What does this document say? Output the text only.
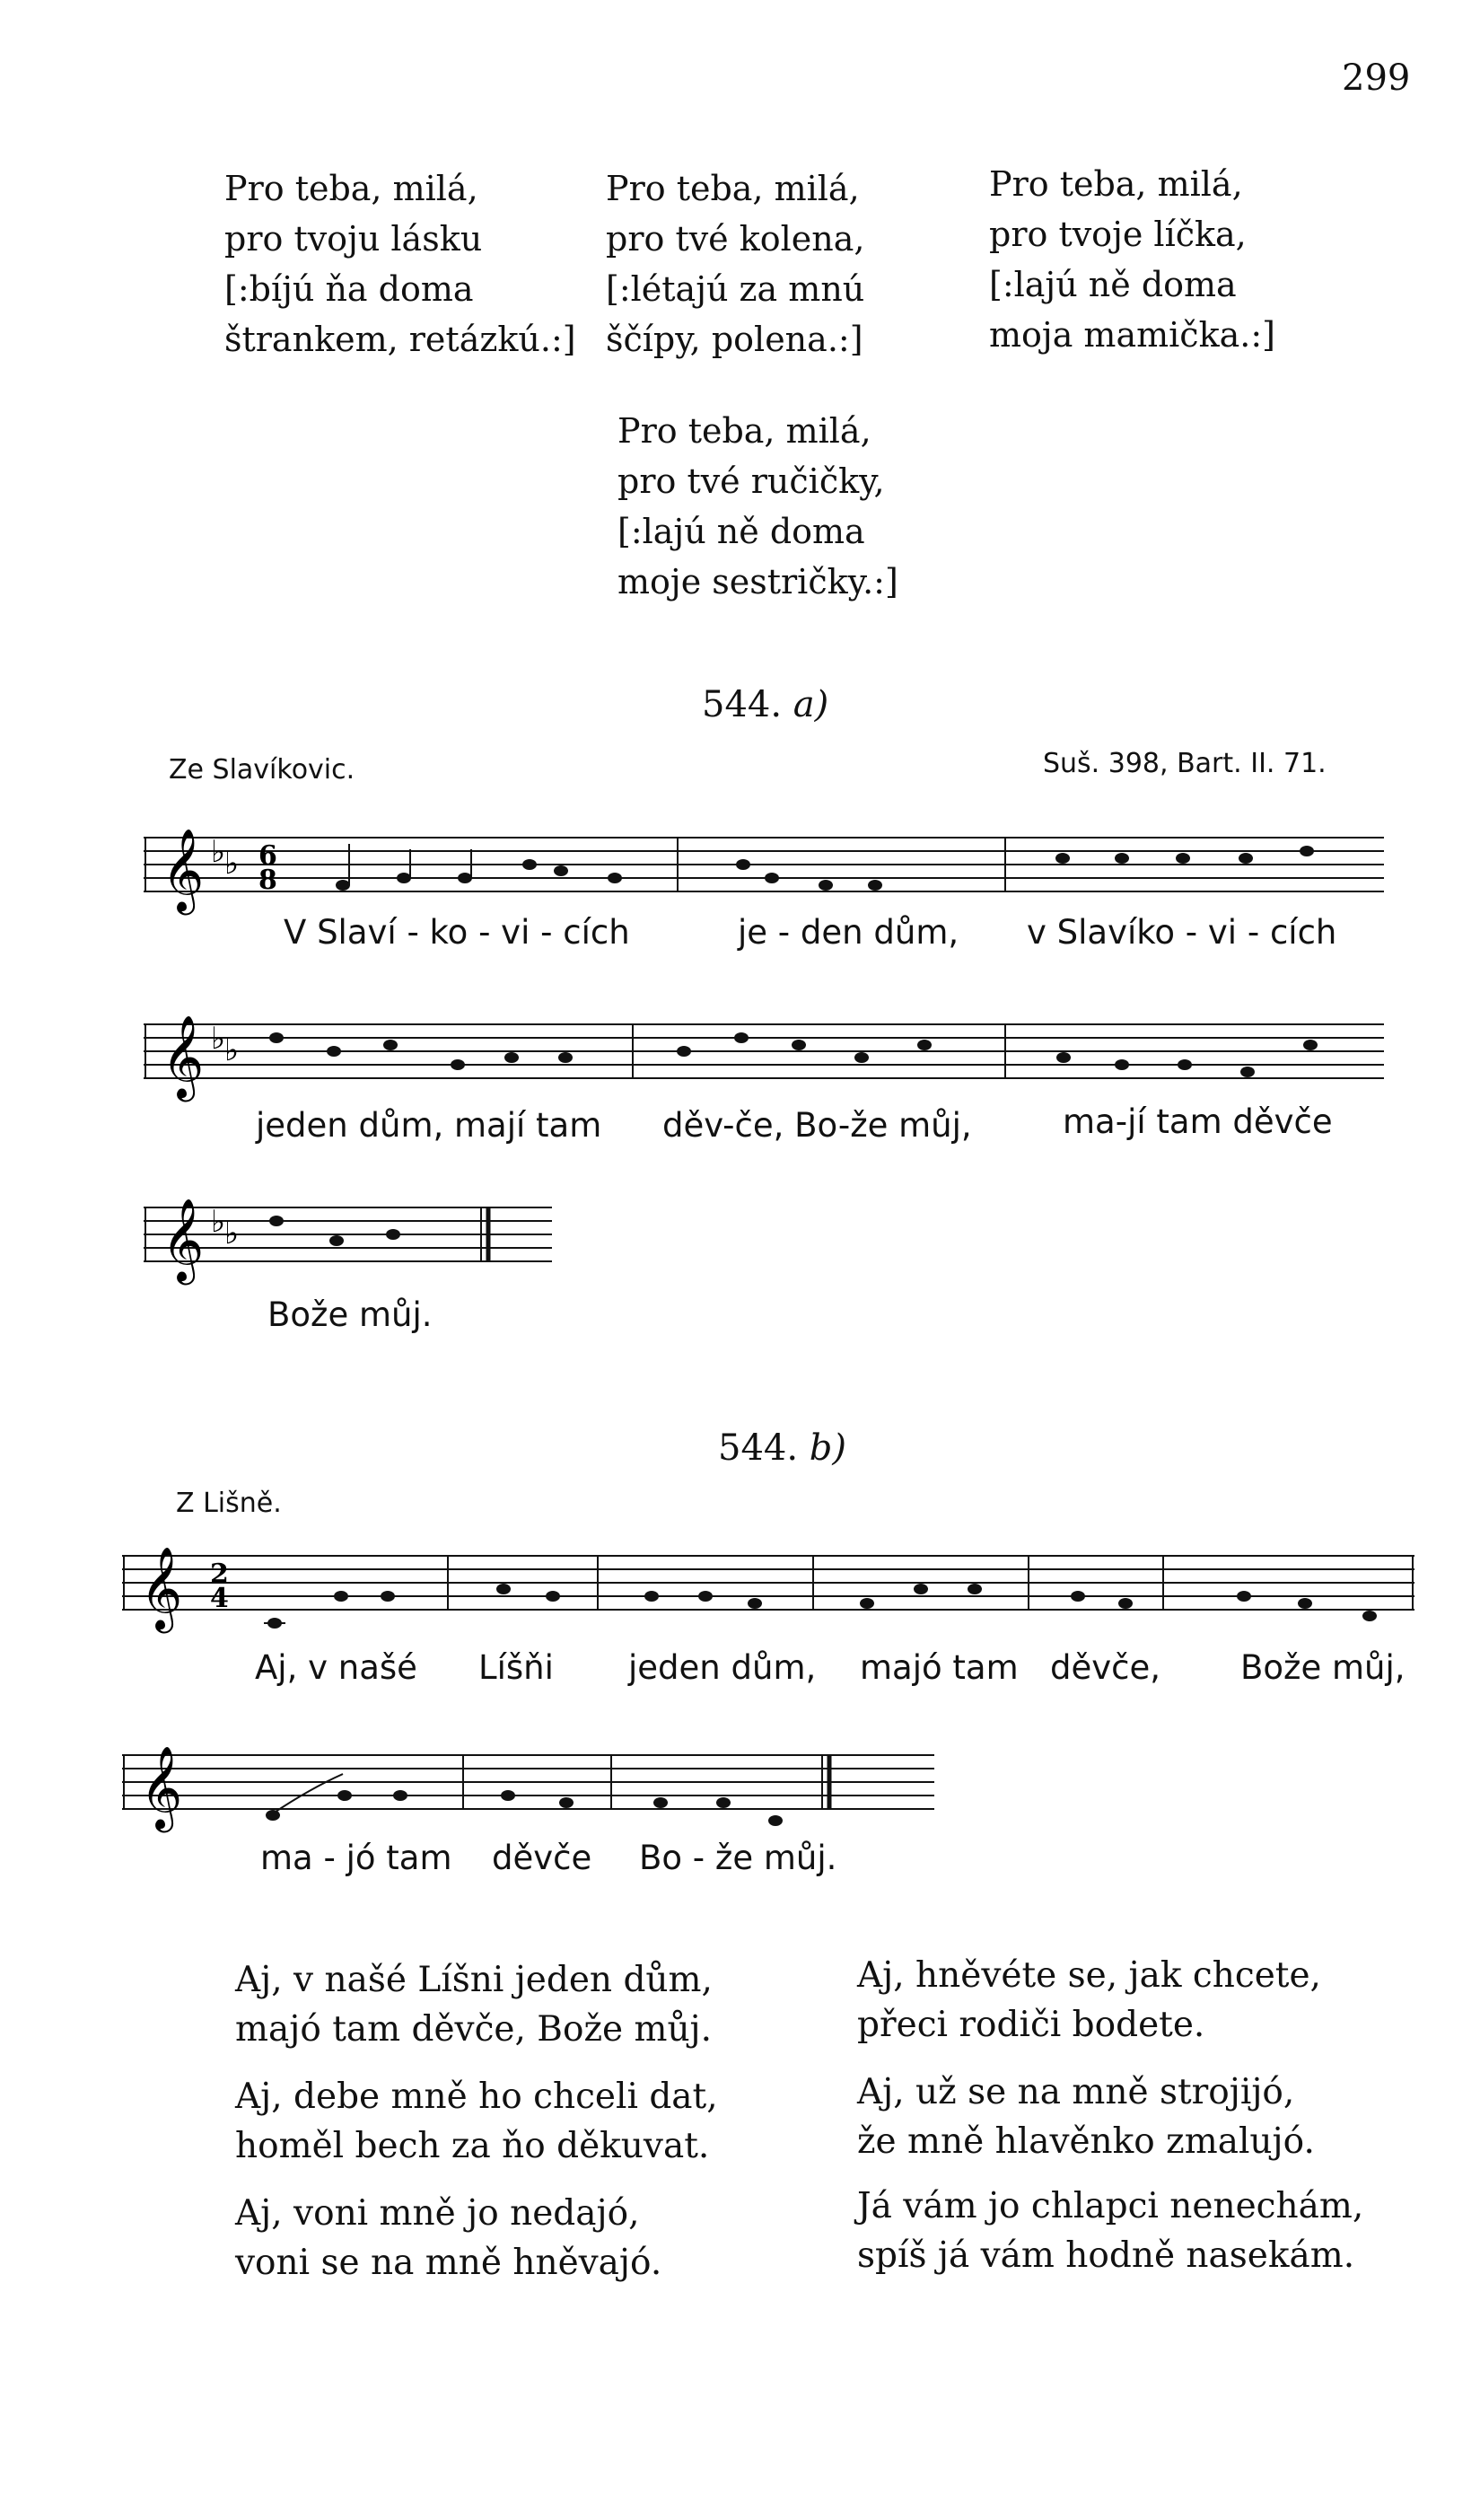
299
Pro teba, milá,
pro tvoju lásku
[:bíjú ňa doma
štrankem, retázkú.:]
Pro teba, milá,
pro tvé kolena,
[:létajú za mnú
ščípy, polena.:]
Pro teba, milá,
pro tvoje líčka,
[:lajú ně doma
moja mamička.:]
Pro teba, milá,
pro tvé ručičky,
[:lajú ně doma
moje sestričky.:]
544. a)
Ze Slavíkovic.	Suš. 398, Bart. II. 71.
𝄞 ♭
♭ 6
8
V Slaví - ko - vi - cích	je - den dům, v Slavíko - vi - cích
𝄞 ♭
♭
jeden dům, mají tam děv-če, Bo-že můj,	ma-jí tam děvče
𝄞 ♭
♭
Bože můj.
544. b)
Z Lišně.
𝄞 2
4
Aj, v našé Líšňi jeden dům, majó tam děvče, Bože můj,
𝄞
ma - jó tam děvče Bo - že můj.
Aj, v našé Líšni jeden dům,
majó tam děvče, Bože můj.
Aj, debe mně ho chceli dat,
homěl bech za ňo děkuvat.
Aj, voni mně jo nedajó,
voni se na mně hněvajó.
Aj, hněvéte se, jak chcete,
přeci rodiči bodete.
Aj, už se na mně strojijó,
že mně hlavěnko zmalujó.
Já vám jo chlapci nenechám,
spíš já vám hodně nasekám.
